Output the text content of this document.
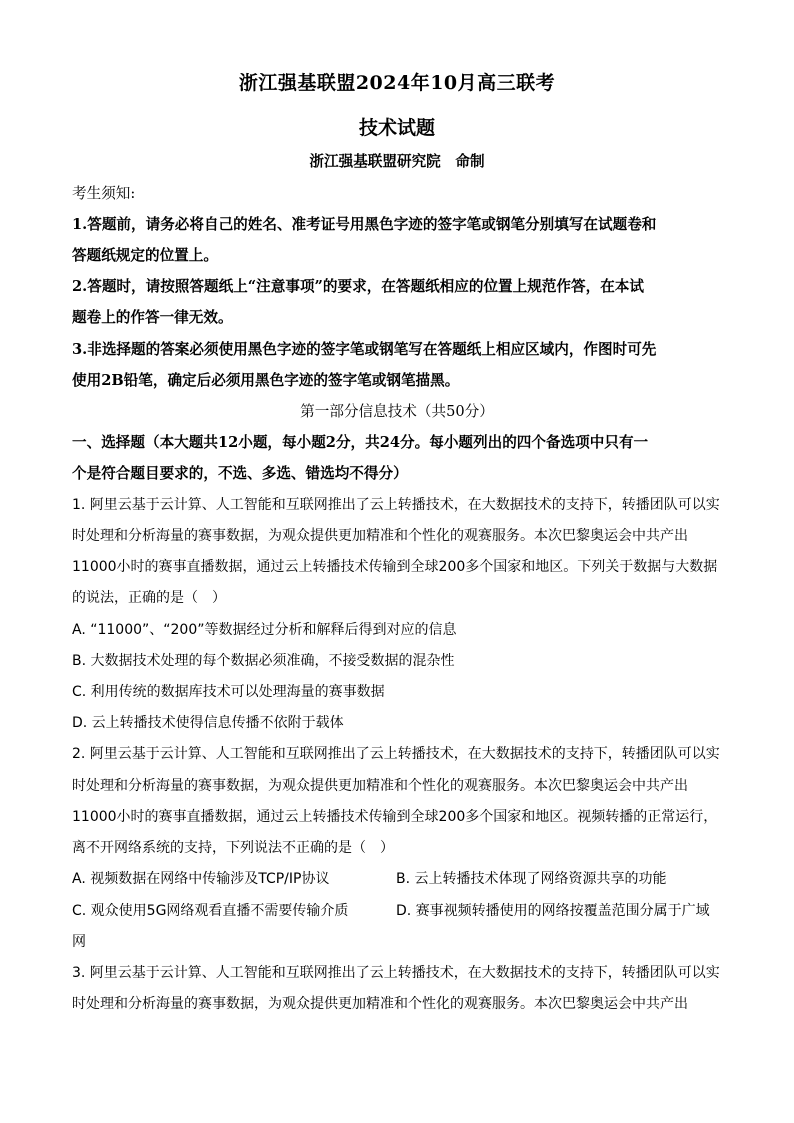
浙江强基联盟2024年10月高三联考
技术试题
浙江强基联盟研究院　命制
考生须知:
1.答题前，请务必将自己的姓名、准考证号用黑色字迹的签字笔或钢笔分别填写在试题卷和
答题纸规定的位置上。
2.答题时，请按照答题纸上“注意事项”的要求，在答题纸相应的位置上规范作答，在本试
题卷上的作答一律无效。
3.非选择题的答案必须使用黑色字迹的签字笔或钢笔写在答题纸上相应区域内，作图时可先
使用2B铅笔，确定后必须用黑色字迹的签字笔或钢笔描黑。
第一部分信息技术（共50分）
一、选择题（本大题共12小题，每小题2分，共24分。每小题列出的四个备选项中只有一
个是符合题目要求的，不选、多选、错选均不得分）
1. 阿里云基于云计算、人工智能和互联网推出了云上转播技术，在大数据技术的支持下，转播团队可以实
时处理和分析海量的赛事数据，为观众提供更加精准和个性化的观赛服务。本次巴黎奥运会中共产出
11000小时的赛事直播数据，通过云上转播技术传输到全球200多个国家和地区。下列关于数据与大数据
的说法，正确的是（　）
A. “11000”、“200”等数据经过分析和解释后得到对应的信息
B. 大数据技术处理的每个数据必须准确，不接受数据的混杂性
C. 利用传统的数据库技术可以处理海量的赛事数据
D. 云上转播技术使得信息传播不依附于载体
2. 阿里云基于云计算、人工智能和互联网推出了云上转播技术，在大数据技术的支持下，转播团队可以实
时处理和分析海量的赛事数据，为观众提供更加精准和个性化的观赛服务。本次巴黎奥运会中共产出
11000小时的赛事直播数据，通过云上转播技术传输到全球200多个国家和地区。视频转播的正常运行，
离不开网络系统的支持，下列说法不正确的是（　）
A. 视频数据在网络中传输涉及TCP/IP协议	B. 云上转播技术体现了网络资源共享的功能
C. 观众使用5G网络观看直播不需要传输介质	D. 赛事视频转播使用的网络按覆盖范围分属于广域
网
3. 阿里云基于云计算、人工智能和互联网推出了云上转播技术，在大数据技术的支持下，转播团队可以实
时处理和分析海量的赛事数据，为观众提供更加精准和个性化的观赛服务。本次巴黎奥运会中共产出
